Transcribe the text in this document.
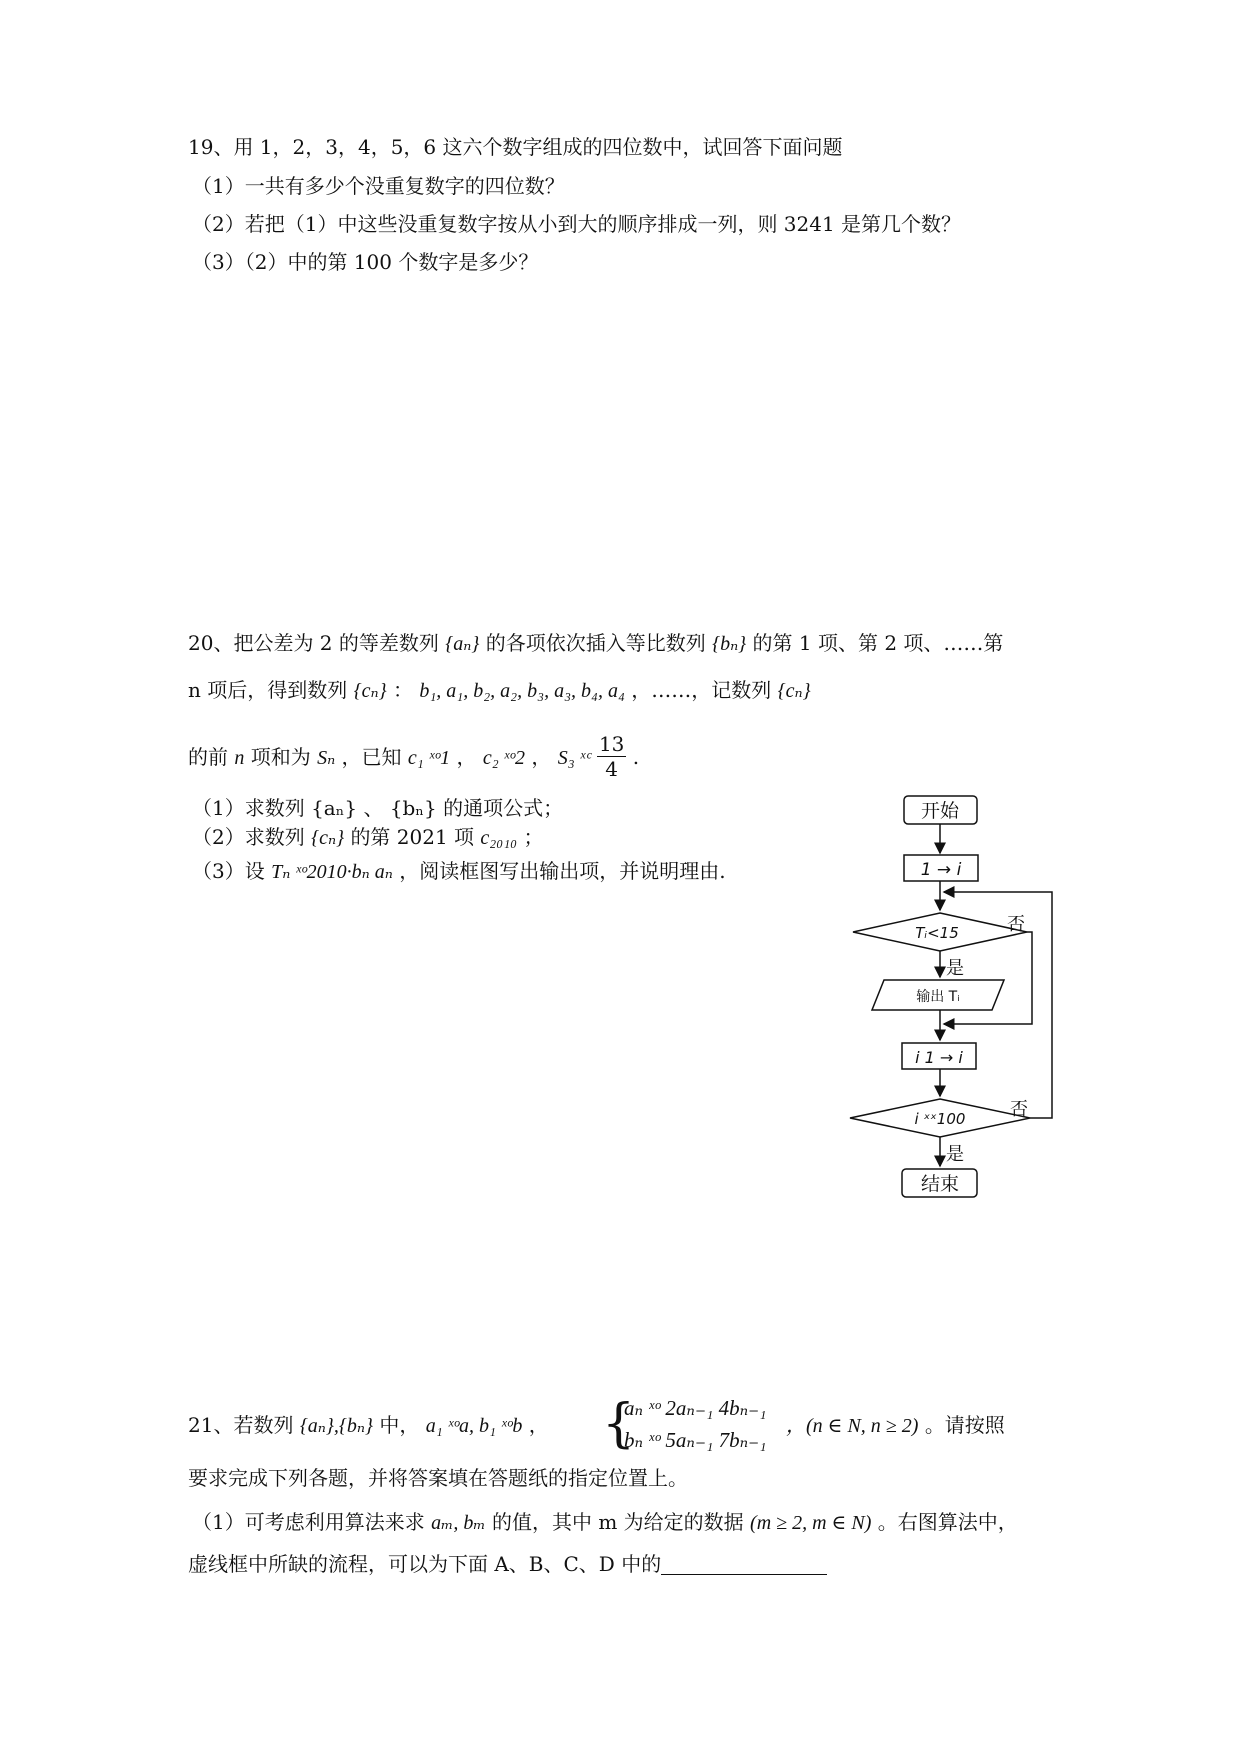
19、用 1，2，3，4，5，6 这六个数字组成的四位数中，试回答下面问题
（1）一共有多少个没重复数字的四位数？
（2）若把（1）中这些没重复数字按从小到大的顺序排成一列，则 3241 是第几个数？
（3）（2）中的第 100 个数字是多少？
20、把公差为 2 的等差数列 {aₙ} 的各项依次插入等比数列 {bₙ} 的第 1 项、第 2 项、……第
n 项后，得到数列 {cₙ} ： b₁, a₁, b₂, a₂, b₃, a₃, b₄, a₄ ，……，记数列 {cₙ}
的前 n 项和为 Sₙ ，已知 c₁ ˣᵒ1 ， c₂ ˣᵒ2 ， S₃ ˣᶜ $\frac{13}{4}$ .
（1）求数列 {aₙ} 、 {bₙ} 的通项公式；
（2）求数列 {cₙ} 的第 2021 项 c₂₀₁₀ ；
（3）设 Tₙ ˣᵒ2010·bₙ aₙ ，阅读框图写出输出项，并说明理由.
开始
1 → i
Tᵢ<15	否
是
输出 Tᵢ
i 1 → i
i ˣˣ100 否
是
结束
21、若数列 {aₙ},{bₙ} 中， a₁ ˣᵒa, b₁ ˣᵒb ， {
aₙ ˣᵒ 2aₙ₋₁ 4bₙ₋₁
bₙ ˣᵒ 5aₙ₋₁ 7bₙ₋₁
，(n ∈ N, n ≥ 2) 。请按照
要求完成下列各题，并将答案填在答题纸的指定位置上。
（1）可考虑利用算法来求 aₘ, bₘ 的值，其中 m 为给定的数据 (m ≥ 2, m ∈ N) 。右图算法中，
虚线框中所缺的流程，可以为下面 A、B、C、D 中的
